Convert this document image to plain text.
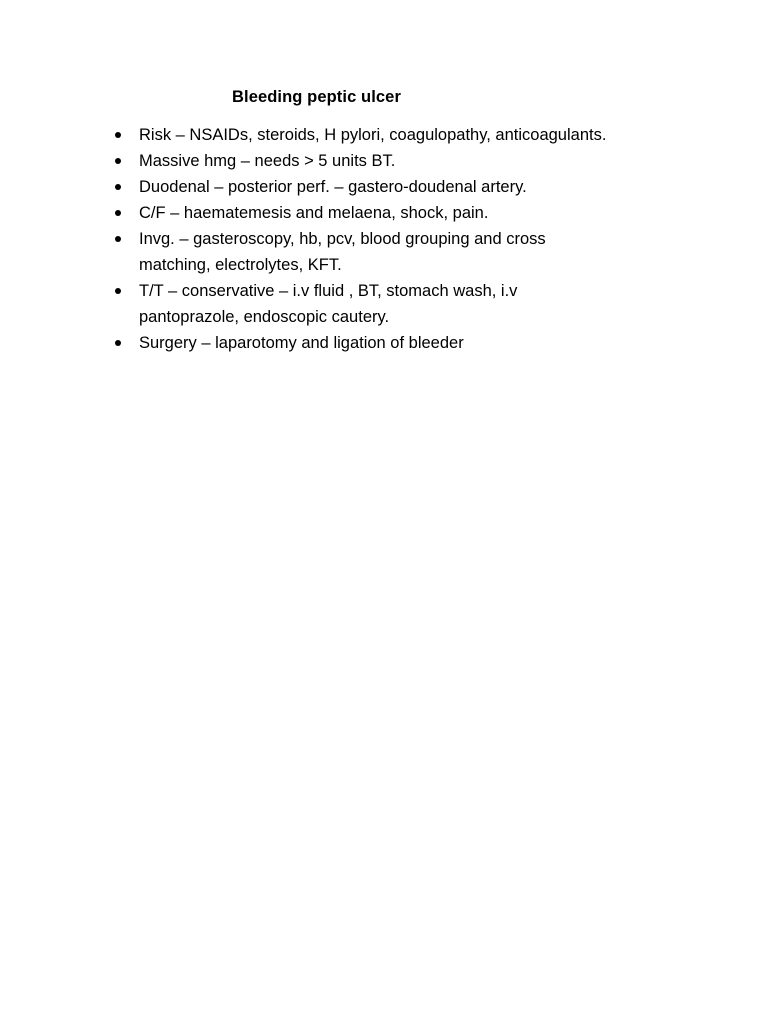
Bleeding peptic ulcer
Risk – NSAIDs, steroids, H pylori, coagulopathy, anticoagulants.
Massive hmg – needs > 5 units BT.
Duodenal – posterior perf. – gastero-doudenal artery.
C/F – haematemesis and melaena, shock, pain.
Invg. – gasteroscopy, hb, pcv, blood grouping and cross
matching, electrolytes, KFT.
T/T – conservative – i.v fluid , BT, stomach wash, i.v
pantoprazole, endoscopic cautery.
Surgery – laparotomy and ligation of bleeder
